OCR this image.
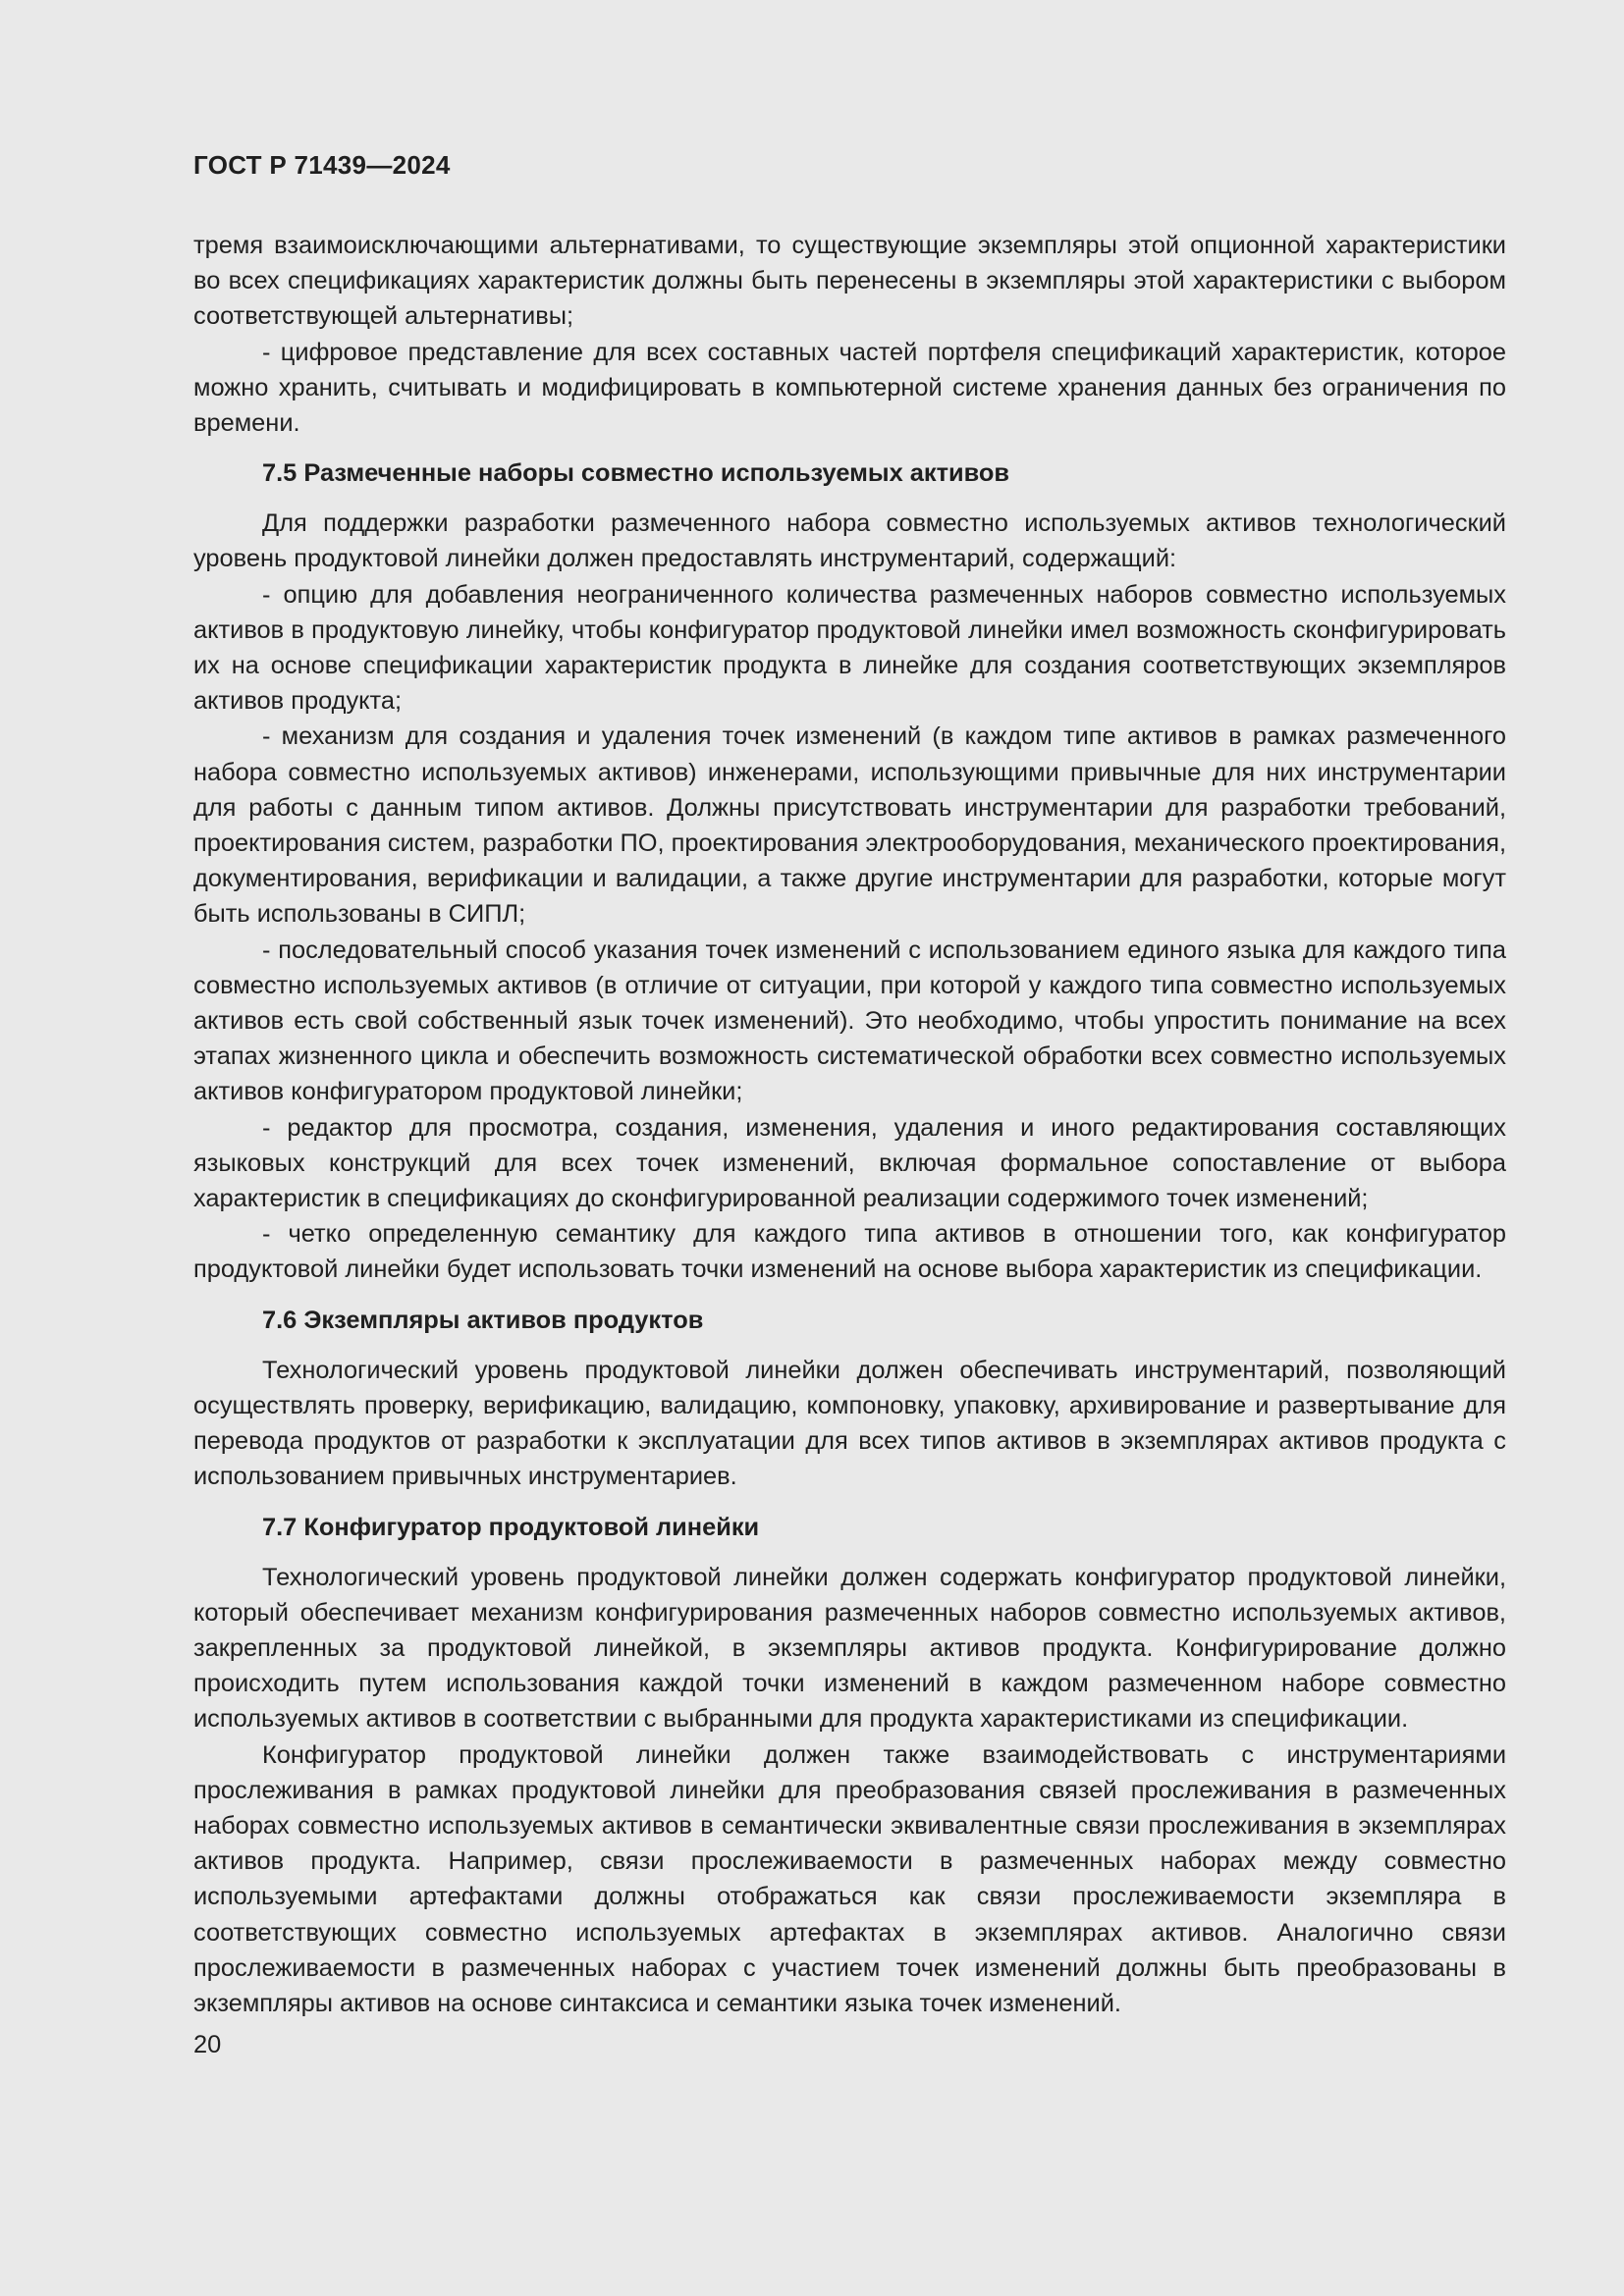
ГОСТ Р 71439—2024

тремя взаимоисключающими альтернативами, то существующие экземпляры этой опционной характеристики во всех спецификациях характеристик должны быть перенесены в экземпляры этой характеристики с выбором соответствующей альтернативы;

- цифровое представление для всех составных частей портфеля спецификаций характеристик, которое можно хранить, считывать и модифицировать в компьютерной системе хранения данных без ограничения по времени.

7.5 Размеченные наборы совместно используемых активов

Для поддержки разработки размеченного набора совместно используемых активов технологический уровень продуктовой линейки должен предоставлять инструментарий, содержащий:

- опцию для добавления неограниченного количества размеченных наборов совместно используемых активов в продуктовую линейку, чтобы конфигуратор продуктовой линейки имел возможность сконфигурировать их на основе спецификации характеристик продукта в линейке для создания соответствующих экземпляров активов продукта;

- механизм для создания и удаления точек изменений (в каждом типе активов в рамках размеченного набора совместно используемых активов) инженерами, использующими привычные для них инструментарии для работы с данным типом активов. Должны присутствовать инструментарии для разработки требований, проектирования систем, разработки ПО, проектирования электрооборудования, механического проектирования, документирования, верификации и валидации, а также другие инструментарии для разработки, которые могут быть использованы в СИПЛ;

- последовательный способ указания точек изменений с использованием единого языка для каждого типа совместно используемых активов (в отличие от ситуации, при которой у каждого типа совместно используемых активов есть свой собственный язык точек изменений). Это необходимо, чтобы упростить понимание на всех этапах жизненного цикла и обеспечить возможность систематической обработки всех совместно используемых активов конфигуратором продуктовой линейки;

- редактор для просмотра, создания, изменения, удаления и иного редактирования составляющих языковых конструкций для всех точек изменений, включая формальное сопоставление от выбора характеристик в спецификациях до сконфигурированной реализации содержимого точек изменений;

- четко определенную семантику для каждого типа активов в отношении того, как конфигуратор продуктовой линейки будет использовать точки изменений на основе выбора характеристик из спецификации.

7.6 Экземпляры активов продуктов

Технологический уровень продуктовой линейки должен обеспечивать инструментарий, позволяющий осуществлять проверку, верификацию, валидацию, компоновку, упаковку, архивирование и развертывание для перевода продуктов от разработки к эксплуатации для всех типов активов в экземплярах активов продукта с использованием привычных инструментариев.

7.7 Конфигуратор продуктовой линейки

Технологический уровень продуктовой линейки должен содержать конфигуратор продуктовой линейки, который обеспечивает механизм конфигурирования размеченных наборов совместно используемых активов, закрепленных за продуктовой линейкой, в экземпляры активов продукта. Конфигурирование должно происходить путем использования каждой точки изменений в каждом размеченном наборе совместно используемых активов в соответствии с выбранными для продукта характеристиками из спецификации.

Конфигуратор продуктовой линейки должен также взаимодействовать с инструментариями прослеживания в рамках продуктовой линейки для преобразования связей прослеживания в размеченных наборах совместно используемых активов в семантически эквивалентные связи прослеживания в экземплярах активов продукта. Например, связи прослеживаемости в размеченных наборах между совместно используемыми артефактами должны отображаться как связи прослеживаемости экземпляра в соответствующих совместно используемых артефактах в экземплярах активов. Аналогично связи прослеживаемости в размеченных наборах с участием точек изменений должны быть преобразованы в экземпляры активов на основе синтаксиса и семантики языка точек изменений.

20
